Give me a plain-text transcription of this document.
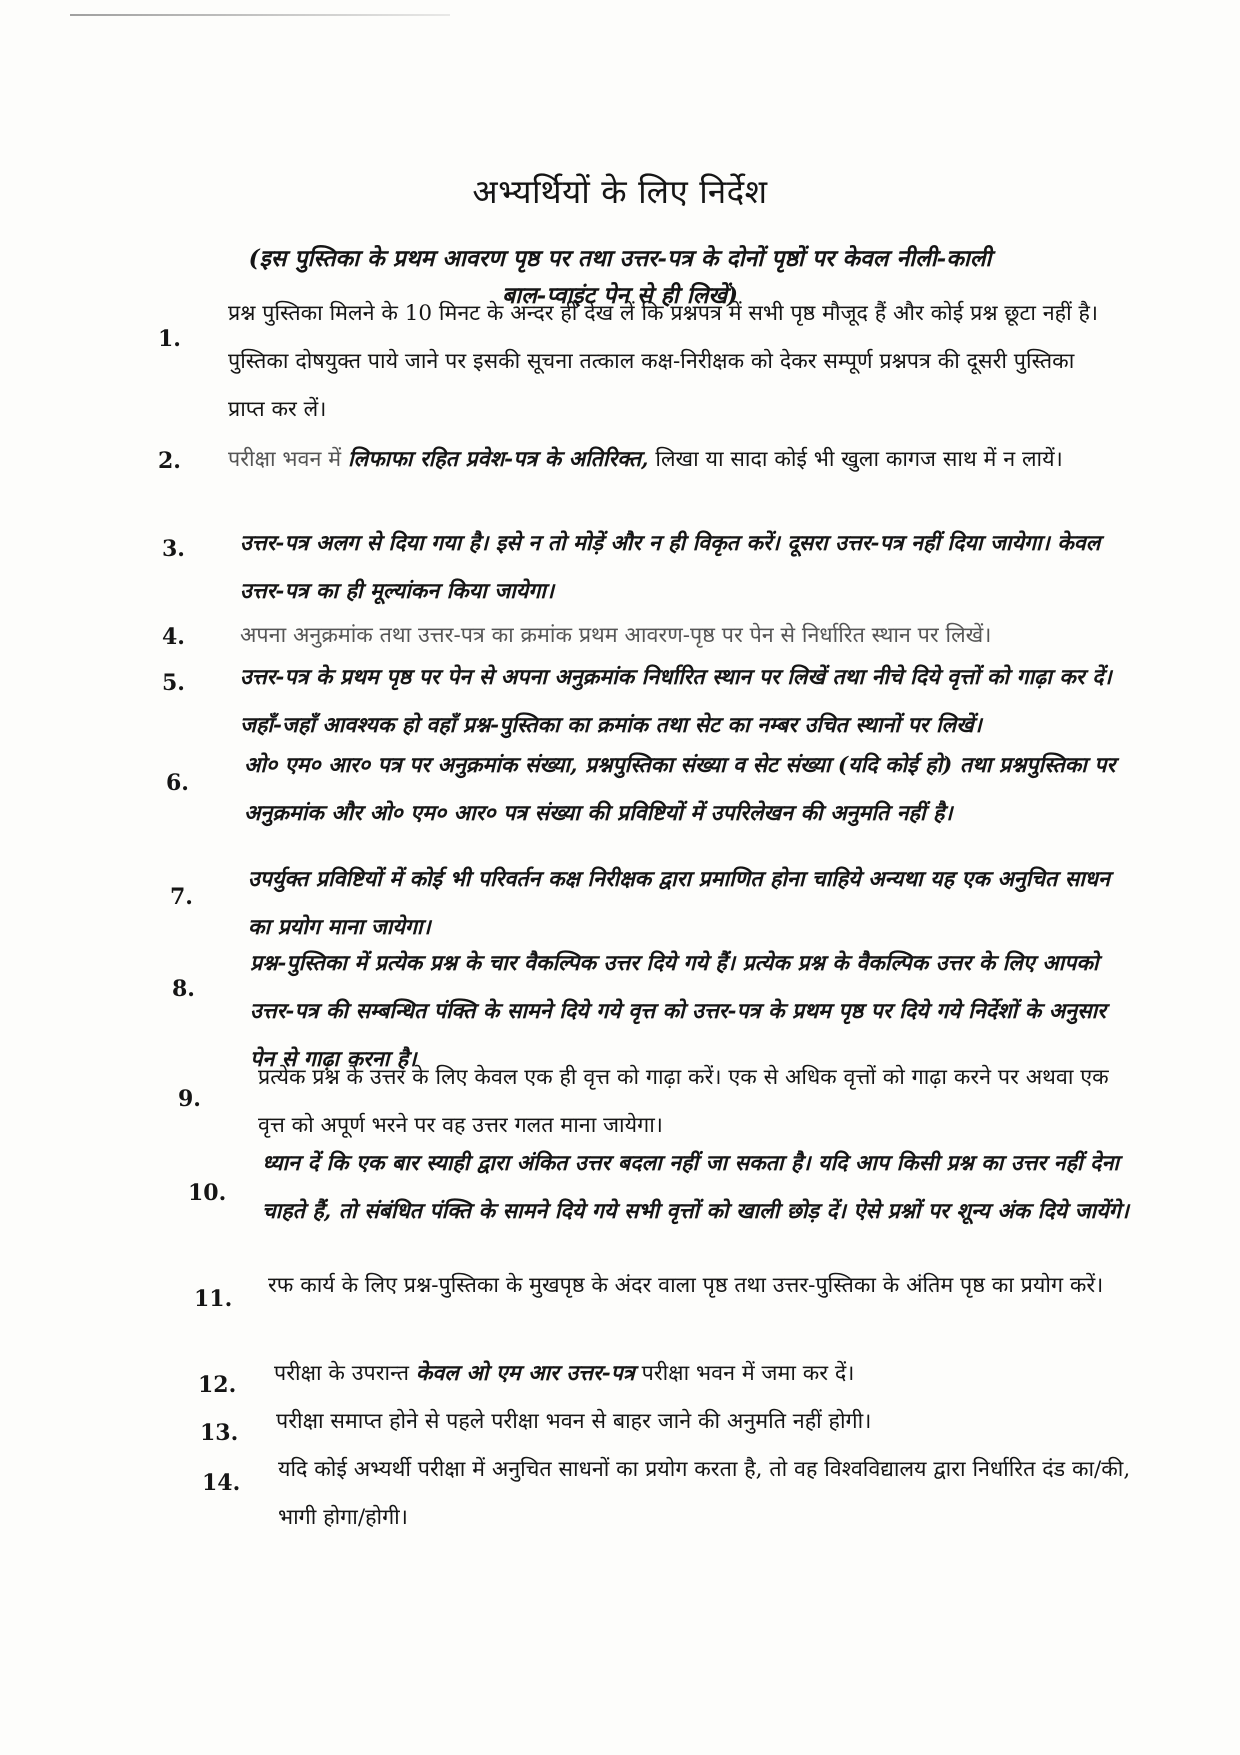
अभ्यर्थियों के लिए निर्देश
(इस पुस्तिका के प्रथम आवरण पृष्ठ पर तथा उत्तर-पत्र के दोनों पृष्ठों पर केवल नीली-काली बाल-प्वाइंट पेन से ही लिखें)
1.
प्रश्न पुस्तिका मिलने के 10 मिनट के अन्दर ही देख लें कि प्रश्नपत्र में सभी पृष्ठ मौजूद हैं और कोई प्रश्न छूटा नहीं है। पुस्तिका दोषयुक्त पाये जाने पर इसकी सूचना तत्काल कक्ष-निरीक्षक को देकर सम्पूर्ण प्रश्नपत्र की दूसरी पुस्तिका प्राप्त कर लें।
2. परीक्षा भवन में लिफाफा रहित प्रवेश-पत्र के अतिरिक्त, लिखा या सादा कोई भी खुला कागज साथ में न लायें।
3.	उत्तर-पत्र अलग से दिया गया है। इसे न तो मोड़ें और न ही विकृत करें। दूसरा उत्तर-पत्र नहीं दिया जायेगा। केवल उत्तर-पत्र का ही मूल्यांकन किया जायेगा।
4.	अपना अनुक्रमांक तथा उत्तर-पत्र का क्रमांक प्रथम आवरण-पृष्ठ पर पेन से निर्धारित स्थान पर लिखें।
5.	उत्तर-पत्र के प्रथम पृष्ठ पर पेन से अपना अनुक्रमांक निर्धारित स्थान पर लिखें तथा नीचे दिये वृत्तों को गाढ़ा कर दें। जहाँ-जहाँ आवश्यक हो वहाँ प्रश्न-पुस्तिका का क्रमांक तथा सेट का नम्बर उचित स्थानों पर लिखें।
6.
ओ० एम० आर० पत्र पर अनुक्रमांक संख्या, प्रश्नपुस्तिका संख्या व सेट संख्या (यदि कोई हो) तथा प्रश्नपुस्तिका पर अनुक्रमांक और ओ० एम० आर० पत्र संख्या की प्रविष्टियों में उपरिलेखन की अनुमति नहीं है।
7.
उपर्युक्त प्रविष्टियों में कोई भी परिवर्तन कक्ष निरीक्षक द्वारा प्रमाणित होना चाहिये अन्यथा यह एक अनुचित साधन का प्रयोग माना जायेगा।
8.
प्रश्न-पुस्तिका में प्रत्येक प्रश्न के चार वैकल्पिक उत्तर दिये गये हैं। प्रत्येक प्रश्न के वैकल्पिक उत्तर के लिए आपको उत्तर-पत्र की सम्बन्धित पंक्ति के सामने दिये गये वृत्त को उत्तर-पत्र के प्रथम पृष्ठ पर दिये गये निर्देशों के अनुसार पेन से गाढ़ा करना है।
9.
प्रत्येक प्रश्न के उत्तर के लिए केवल एक ही वृत्त को गाढ़ा करें। एक से अधिक वृत्तों को गाढ़ा करने पर अथवा एक वृत्त को अपूर्ण भरने पर वह उत्तर गलत माना जायेगा।
10.
ध्यान दें कि एक बार स्याही द्वारा अंकित उत्तर बदला नहीं जा सकता है। यदि आप किसी प्रश्न का उत्तर नहीं देना चाहते हैं, तो संबंधित पंक्ति के सामने दिये गये सभी वृत्तों को खाली छोड़ दें। ऐसे प्रश्नों पर शून्य अंक दिये जायेंगे।
11.
रफ कार्य के लिए प्रश्न-पुस्तिका के मुखपृष्ठ के अंदर वाला पृष्ठ तथा उत्तर-पुस्तिका के अंतिम पृष्ठ का प्रयोग करें।
12. परीक्षा के उपरान्त केवल ओ एम आर उत्तर-पत्र परीक्षा भवन में जमा कर दें।
13. परीक्षा समाप्त होने से पहले परीक्षा भवन से बाहर जाने की अनुमति नहीं होगी।
14.
यदि कोई अभ्यर्थी परीक्षा में अनुचित साधनों का प्रयोग करता है, तो वह विश्वविद्यालय द्वारा निर्धारित दंड का/की, भागी होगा/होगी।
